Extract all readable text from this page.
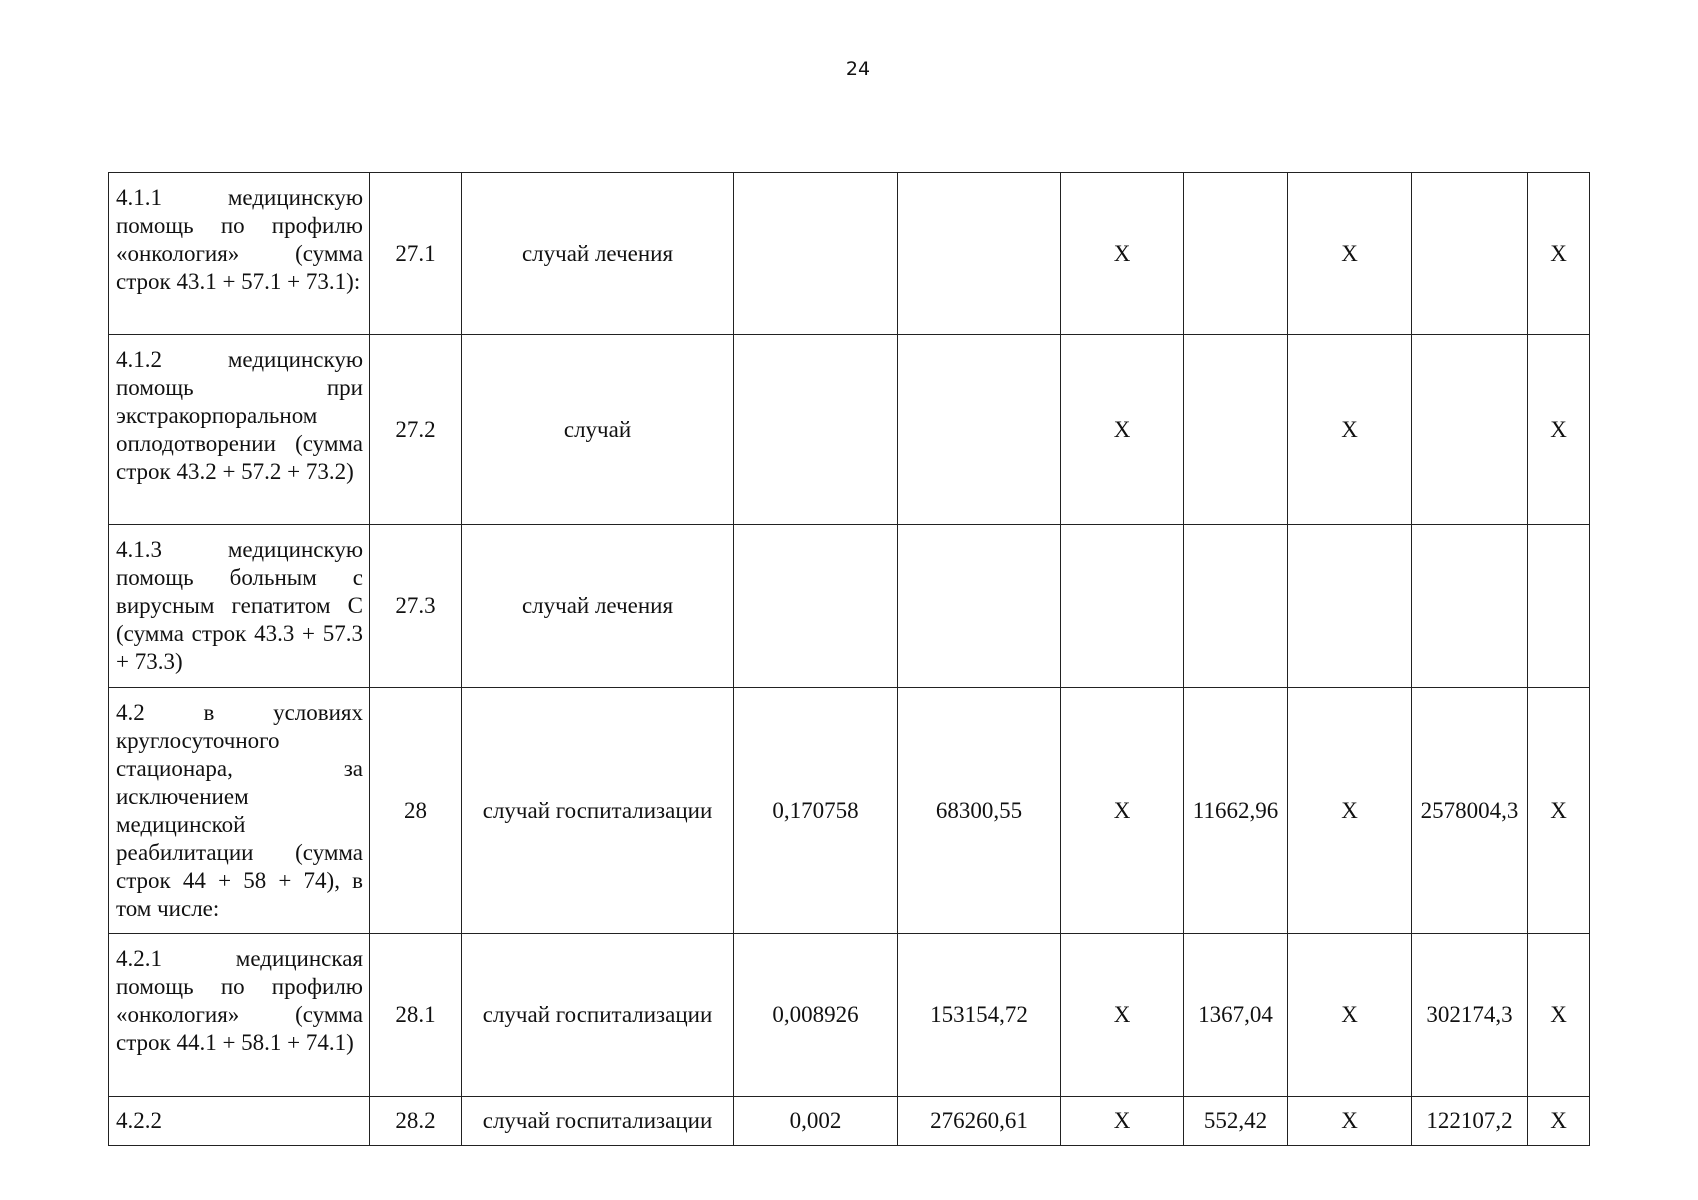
24
4.1.1 медицинскую помощь по профилю «онкология» (сумма строк 43.1 + 57.1 + 73.1):	27.1	случай лечения			Х		Х		Х
4.1.2 медицинскую помощь при экстракорпоральном оплодотворении (сумма строк 43.2 + 57.2 + 73.2)	27.2	случай			Х		Х		Х
4.1.3 медицинскую помощь больным с вирусным гепатитом С (сумма строк 43.3 + 57.3 + 73.3)	27.3	случай лечения							
4.2 в условиях круглосуточного стационара, за исключением медицинской реабилитации (сумма строк 44 + 58 + 74), в том числе:	28	случай госпитализации	0,170758	68300,55	Х	11662,96	Х	2578004,3	Х
4.2.1 медицинская помощь по профилю «онкология» (сумма строк 44.1 + 58.1 + 74.1)	28.1	случай госпитализации	0,008926	153154,72	Х	1367,04	Х	302174,3	Х
4.2.2	28.2	случай госпитализации	0,002	276260,61	Х	552,42	Х	122107,2	Х
